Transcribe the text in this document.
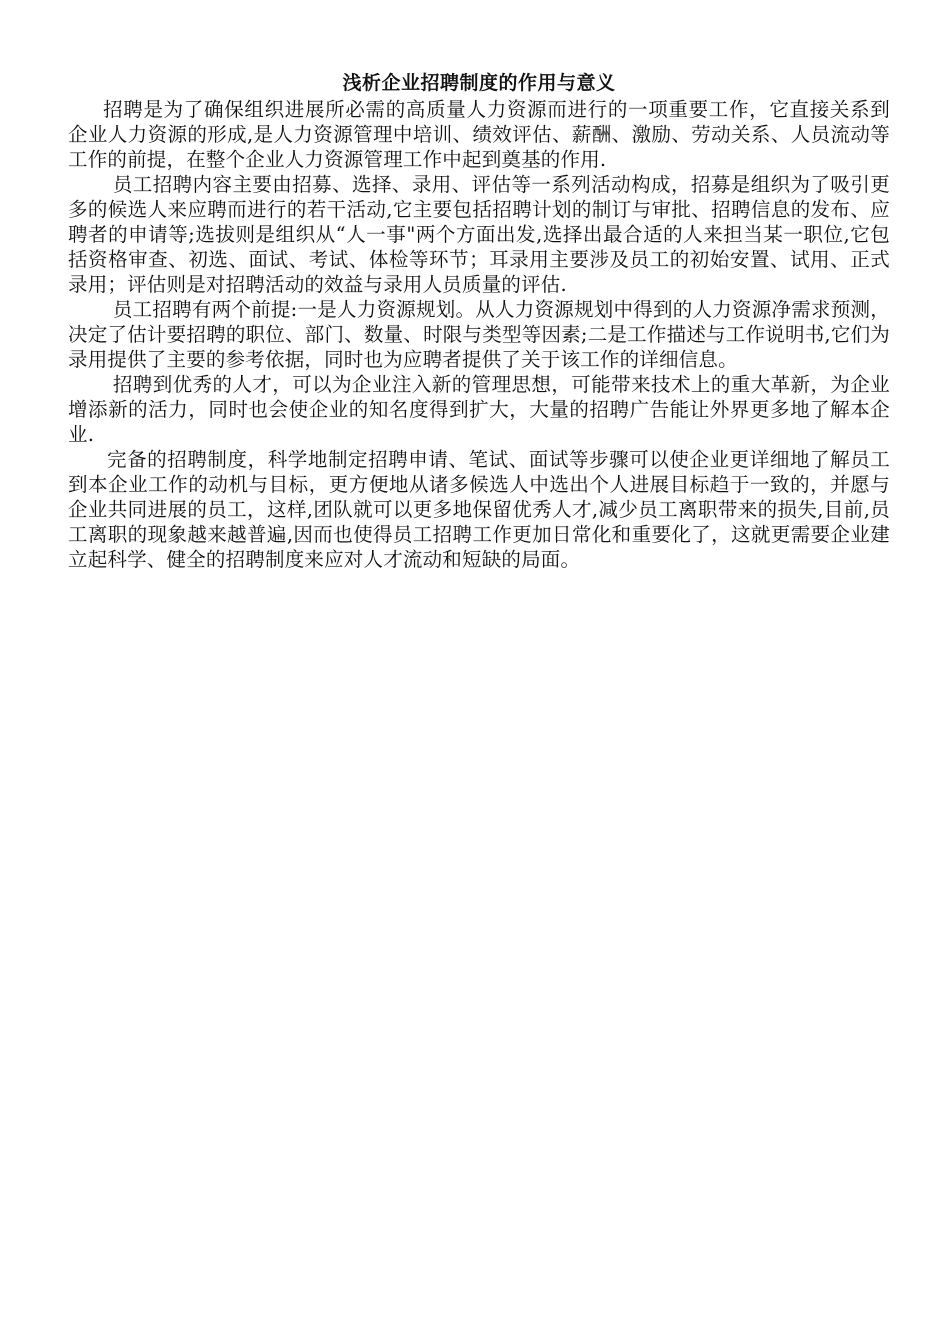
浅析企业招聘制度的作用与意义

招聘是为了确保组织进展所必需的高质量人力资源而进行的一项重要工作，它直接关系到企业人力资源的形成,是人力资源管理中培训、绩效评估、薪酬、激励、劳动关系、人员流动等工作的前提，在整个企业人力资源管理工作中起到奠基的作用.

员工招聘内容主要由招募、选择、录用、评估等一系列活动构成，招募是组织为了吸引更多的候选人来应聘而进行的若干活动,它主要包括招聘计划的制订与审批、招聘信息的发布、应聘者的申请等;选拔则是组织从“人一事"两个方面出发,选择出最合适的人来担当某一职位,它包括资格审查、初选、面试、考试、体检等环节；耳录用主要涉及员工的初始安置、试用、正式录用；评估则是对招聘活动的效益与录用人员质量的评估.

员工招聘有两个前提:一是人力资源规划。从人力资源规划中得到的人力资源净需求预测，决定了估计要招聘的职位、部门、数量、时限与类型等因素;二是工作描述与工作说明书,它们为录用提供了主要的参考依据，同时也为应聘者提供了关于该工作的详细信息。

招聘到优秀的人才，可以为企业注入新的管理思想，可能带来技术上的重大革新，为企业增添新的活力，同时也会使企业的知名度得到扩大，大量的招聘广告能让外界更多地了解本企业.

完备的招聘制度，科学地制定招聘申请、笔试、面试等步骤可以使企业更详细地了解员工到本企业工作的动机与目标，更方便地从诸多候选人中选出个人进展目标趋于一致的，并愿与企业共同进展的员工，这样,团队就可以更多地保留优秀人才,减少员工离职带来的损失,目前,员工离职的现象越来越普遍,因而也使得员工招聘工作更加日常化和重要化了，这就更需要企业建立起科学、健全的招聘制度来应对人才流动和短缺的局面。
